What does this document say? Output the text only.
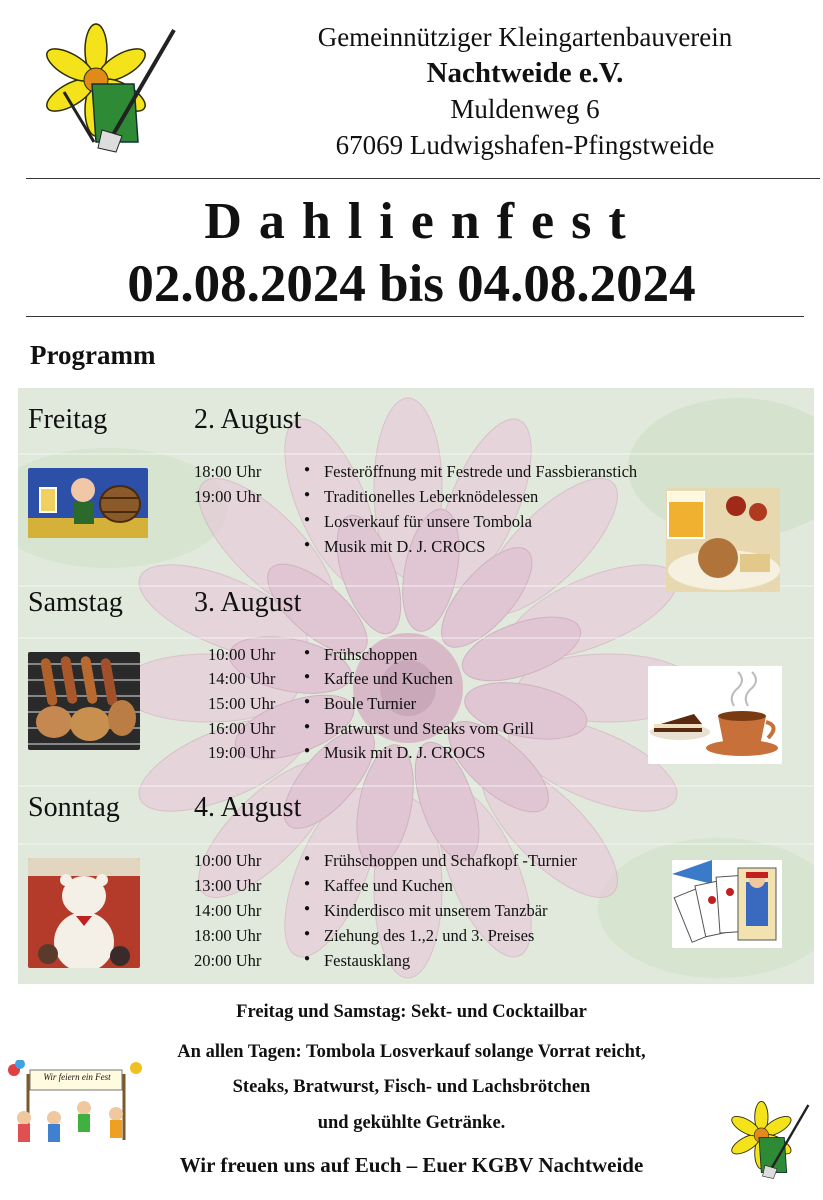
Gemeinnütziger Kleingartenbauverein
Nachtweide e.V.
Muldenweg 6
67069 Ludwigshafen-Pfingstweide
Dahlienfest
02.08.2024 bis 04.08.2024
Programm
Freitag	2. August
18:00 Uhr	● Festeröffnung mit Festrede und Fassbieranstich
19:00 Uhr	● Traditionelles Leberknödelessen
● Losverkauf für unsere Tombola
● Musik mit D. J. CROCS
Samstag	3. August
10:00 Uhr	● Frühschoppen
14:00 Uhr	● Kaffee und Kuchen
15:00 Uhr	● Boule Turnier
16:00 Uhr	● Bratwurst und Steaks vom Grill
19:00 Uhr	● Musik mit D. J. CROCS
Sonntag	4. August
10:00 Uhr	● Frühschoppen und Schafkopf -Turnier
13:00 Uhr	● Kaffee und Kuchen
14:00 Uhr	● Kinderdisco mit unserem Tanzbär
18:00 Uhr	● Ziehung des 1.,2. und 3. Preises
20:00 Uhr	● Festausklang
Freitag und Samstag: Sekt- und Cocktailbar
An allen Tagen: Tombola Losverkauf solange Vorrat reicht,
Steaks, Bratwurst, Fisch- und Lachsbrötchen
und gekühlte Getränke.
Wir freuen uns auf Euch – Euer KGBV Nachtweide
Wir feiern ein Fest
